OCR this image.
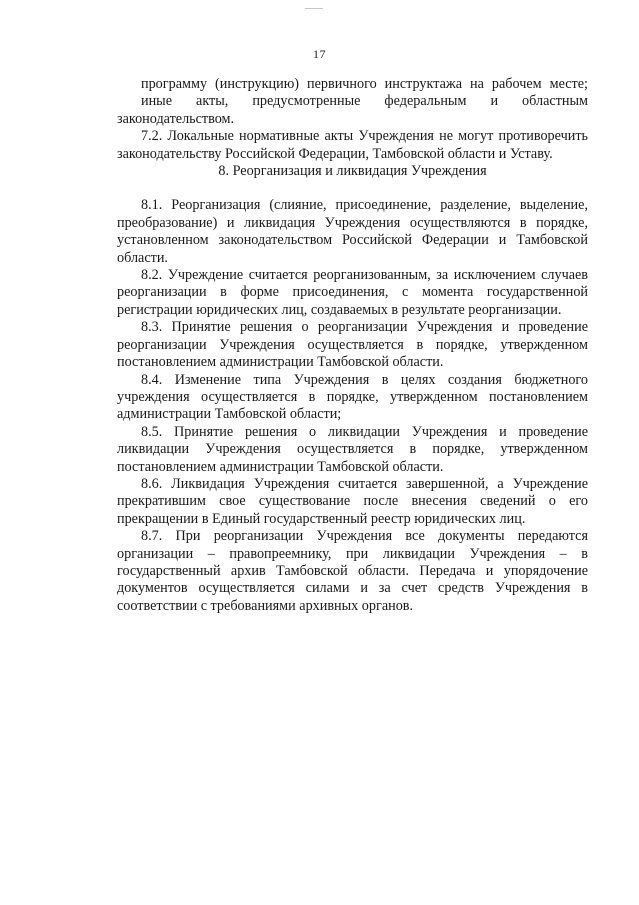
17

программу (инструкцию) первичного инструктажа на рабочем месте;
иные акты, предусмотренные федеральным и областным
законодательством.

7.2. Локальные нормативные акты Учреждения не могут противоречить
законодательству Российской Федерации, Тамбовской области и Уставу.

8. Реорганизация и ликвидация Учреждения

8.1. Реорганизация (слияние, присоединение, разделение, выделение,
преобразование) и ликвидация Учреждения осуществляются в порядке,
установленном законодательством Российской Федерации и Тамбовской
области.

8.2. Учреждение считается реорганизованным, за исключением случаев
реорганизации в форме присоединения, с момента государственной
регистрации юридических лиц, создаваемых в результате реорганизации.

8.3. Принятие решения о реорганизации Учреждения и проведение
реорганизации Учреждения осуществляется в порядке, утвержденном
постановлением администрации Тамбовской области.

8.4. Изменение типа Учреждения в целях создания бюджетного
учреждения осуществляется в порядке, утвержденном постановлением
администрации Тамбовской области;

8.5. Принятие решения о ликвидации Учреждения и проведение
ликвидации Учреждения осуществляется в порядке, утвержденном
постановлением администрации Тамбовской области.

8.6. Ликвидация Учреждения считается завершенной, а Учреждение
прекратившим свое существование после внесения сведений о его
прекращении в Единый государственный реестр юридических лиц.

8.7. При реорганизации Учреждения все документы передаются
организации – правопреемнику, при ликвидации Учреждения – в
государственный архив Тамбовской области. Передача и упорядочение
документов осуществляется силами и за счет средств Учреждения в
соответствии с требованиями архивных органов.
